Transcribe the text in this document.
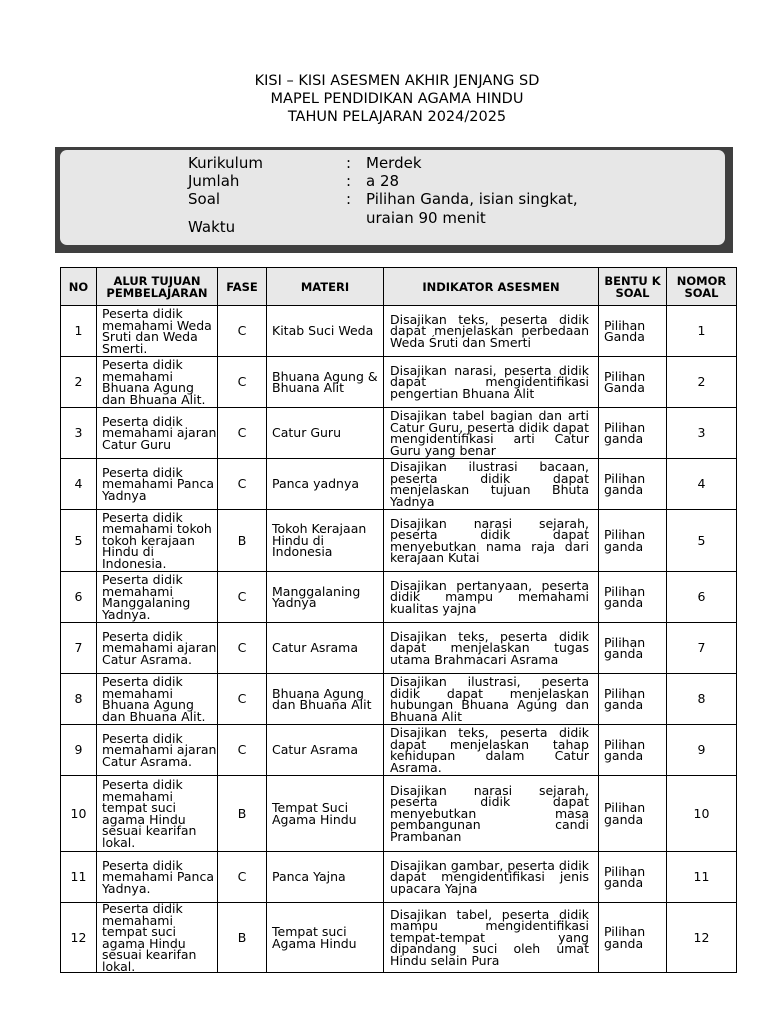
KISI – KISI ASESMEN AKHIR JENJANG SD
MAPEL PENDIDIKAN AGAMA HINDU
TAHUN PELAJARAN 2024/2025
Kurikulum	: Merdek
Jumlah	: a 28
Soal	: Pilihan Ganda, isian singkat,
uraian 90 menit
Waktu
NO	ALUR TUJUAN PEMBELAJARAN	FASE	MATERI	INDIKATOR ASESMEN	BENTU K SOAL	NOMOR SOAL
1	Peserta didik memahami Weda Sruti dan Weda Smerti.	C	Kitab Suci Weda	Disajikan teks, peserta didik dapat menjelaskan perbedaan Weda Śruti dan Smerti	Pilihan Ganda	1
2	Peserta didik memahami Bhuana Agung dan Bhuana Alit.	C	Bhuana Agung & Bhuana Alit	Disajikan narasi, peserta didik dapat mengidentifikasi pengertian Bhuana Alit	Pilihan Ganda	2
3	Peserta didik memahami ajaran Catur Guru	C	Catur Guru	Disajikan tabel bagian dan arti Catur Guru, peserta didik dapat mengidentifikasi arti Catur Guru yang benar	Pilihan ganda	3
4	Peserta didik memahami Panca Yadnya	C	Panca yadnya	Disajikan ilustrasi bacaan, peserta didik dapat menjelaskan tujuan Bhuta Yadnya	Pilihan ganda	4
5	Peserta didik memahami tokoh tokoh kerajaan Hindu di Indonesia.	B	Tokoh Kerajaan Hindu di Indonesia	Disajikan narasi sejarah, peserta didik dapat menyebutkan nama raja dari kerajaan Kutai	Pilihan ganda	5
6	Peserta didik memahami Manggalaning Yadnya.	C	Manggalaning Yadnya	Disajikan pertanyaan, peserta didik mampu memahami kualitas yajna	Pilihan ganda	6
7	Peserta didik memahami ajaran Catur Asrama.	C	Catur Asrama	Disajikan teks, peserta didik dapat menjelaskan tugas utama Brahmacari Asrama	Pilihan ganda	7
8	Peserta didik memahami Bhuana Agung dan Bhuana Alit.	C	Bhuana Agung dan Bhuana Alit	Disajikan ilustrasi, peserta didik dapat menjelaskan hubungan Bhuana Agung dan Bhuana Alit	Pilihan ganda	8
9	Peserta didik memahami ajaran Catur Asrama.	C	Catur Asrama	Disajikan teks, peserta didik dapat menjelaskan tahap kehidupan dalam Catur Asrama.	Pilihan ganda	9
10	Peserta didik memahami tempat suci agama Hindu sesuai kearifan lokal.	B	Tempat Suci Agama Hindu	Disajikan narasi sejarah, peserta didik dapat menyebutkan masa pembangunan candi Prambanan	Pilihan ganda	10
11	Peserta didik memahami Panca Yadnya.	C	Panca Yajna	Disajikan gambar, peserta didik dapat mengidentifikasi jenis upacara Yajna	Pilihan ganda	11
12	Peserta didik memahami tempat suci agama Hindu sesuai kearifan lokal.	B	Tempat suci Agama Hindu	Disajikan tabel, peserta didik mampu mengidentifikasi tempat-tempat yang dipandang suci oleh umat Hindu selain Pura	Pilihan ganda	12
